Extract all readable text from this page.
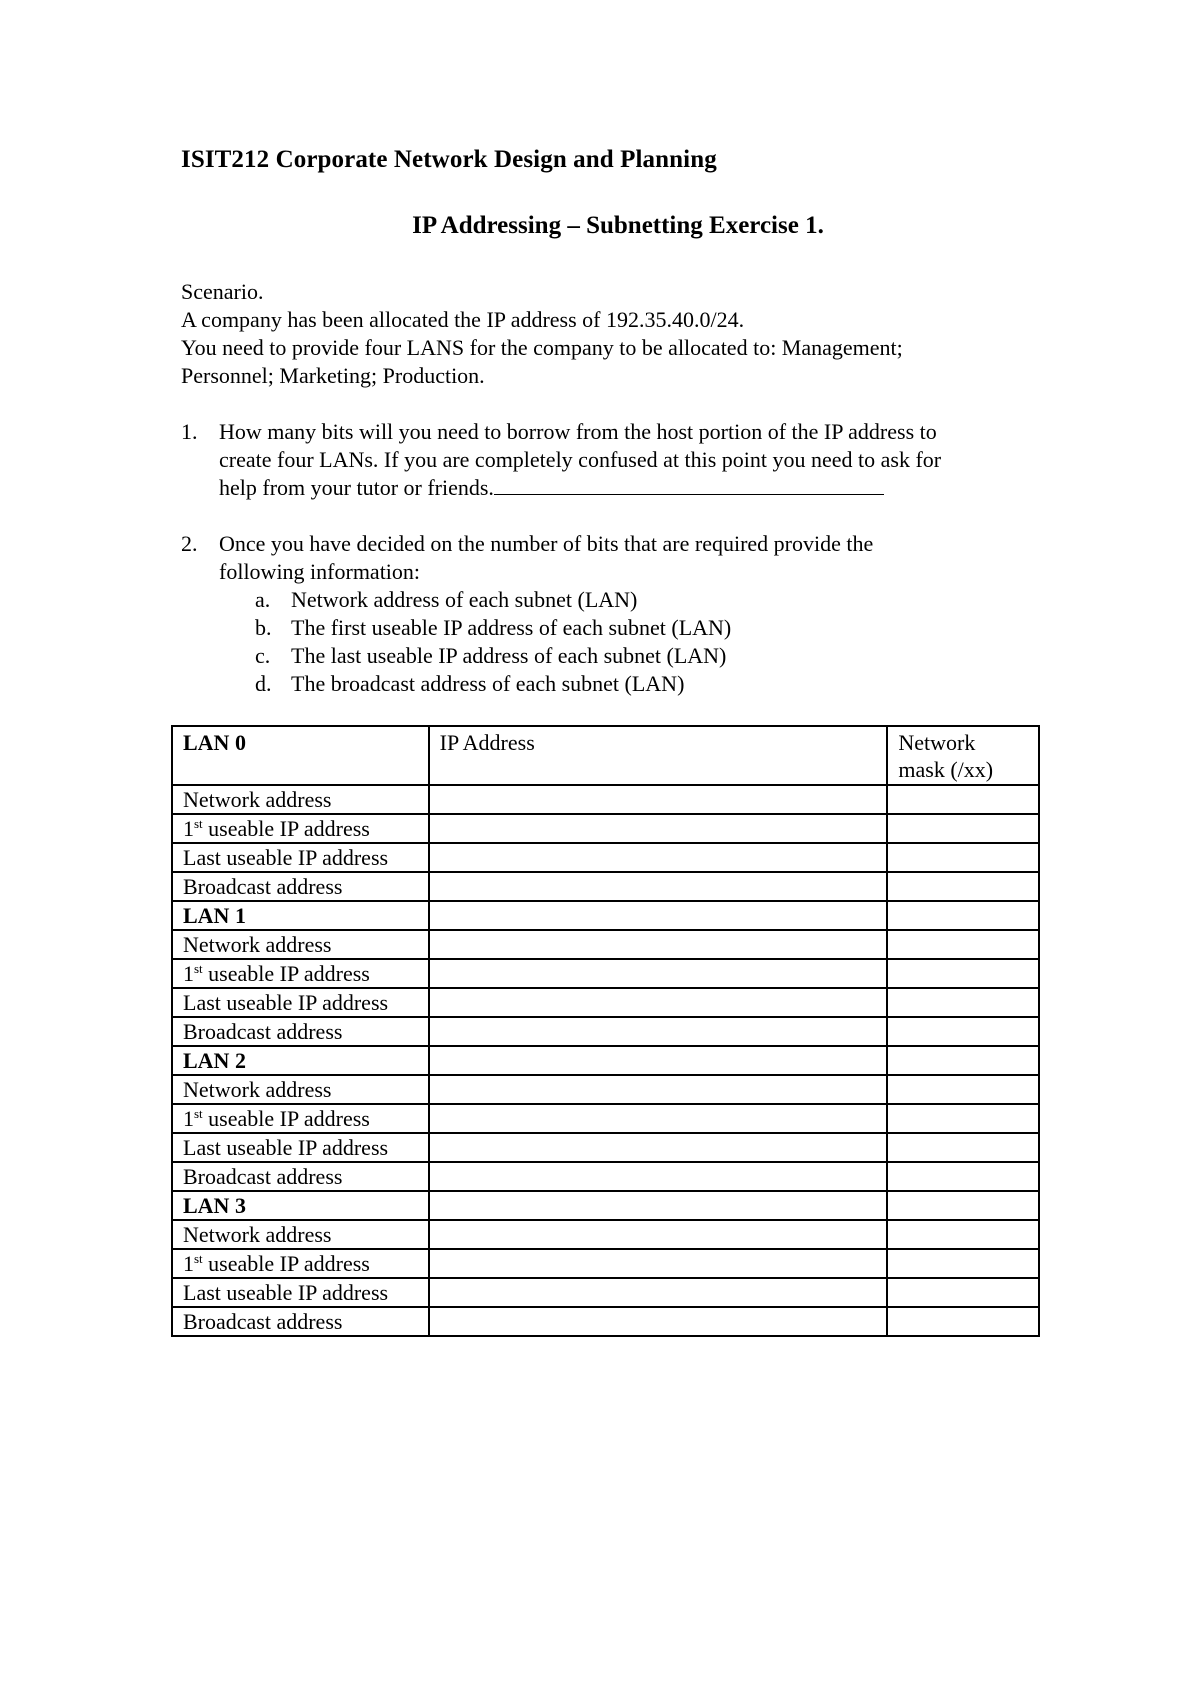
ISIT212 Corporate Network Design and Planning
IP Addressing – Subnetting Exercise 1.
Scenario.
A company has been allocated the IP address of 192.35.40.0/24.
You need to provide four LANS for the company to be allocated to: Management;
Personnel; Marketing; Production.
1. How many bits will you need to borrow from the host portion of the IP address to
create four LANs. If you are completely confused at this point you need to ask for
help from your tutor or friends.
2. Once you have decided on the number of bits that are required provide the
following information:
a. Network address of each subnet (LAN)
b. The first useable IP address of each subnet (LAN)
c. The last useable IP address of each subnet (LAN)
d. The broadcast address of each subnet (LAN)
LAN 0	IP Address	Network
mask (/xx)
Network address		
1st useable IP address		
Last useable IP address		
Broadcast address		
LAN 1		
Network address		
1st useable IP address		
Last useable IP address		
Broadcast address		
LAN 2		
Network address		
1st useable IP address		
Last useable IP address		
Broadcast address		
LAN 3		
Network address		
1st useable IP address		
Last useable IP address		
Broadcast address		
